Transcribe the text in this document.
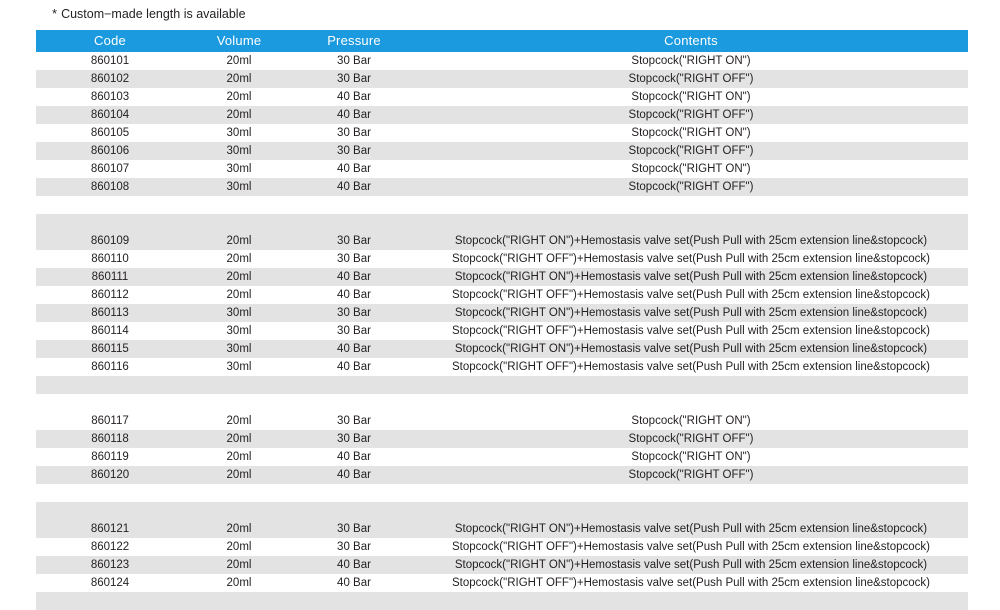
* Custom−made length is available
Code	Volume	Pressure	Contents
860101	20ml	30 Bar	Stopcock("RIGHT ON")

860102	20ml	30 Bar	Stopcock("RIGHT OFF")

860103	20ml	40 Bar	Stopcock("RIGHT ON")

860104	20ml	40 Bar	Stopcock("RIGHT OFF")

860105	30ml	30 Bar	Stopcock("RIGHT ON")

860106	30ml	30 Bar	Stopcock("RIGHT OFF")

860107	30ml	40 Bar	Stopcock("RIGHT ON")

860108	30ml	40 Bar	Stopcock("RIGHT OFF")

860109	20ml	30 Bar	Stopcock("RIGHT ON")+Hemostasis valve set(Push Pull with 25cm extension line&stopcock)

860110	20ml	30 Bar	Stopcock("RIGHT OFF")+Hemostasis valve set(Push Pull with 25cm extension line&stopcock)

860111	20ml	40 Bar	Stopcock("RIGHT ON")+Hemostasis valve set(Push Pull with 25cm extension line&stopcock)

860112	20ml	40 Bar	Stopcock("RIGHT OFF")+Hemostasis valve set(Push Pull with 25cm extension line&stopcock)

860113	30ml	30 Bar	Stopcock("RIGHT ON")+Hemostasis valve set(Push Pull with 25cm extension line&stopcock)

860114	30ml	30 Bar	Stopcock("RIGHT OFF")+Hemostasis valve set(Push Pull with 25cm extension line&stopcock)

860115	30ml	40 Bar	Stopcock("RIGHT ON")+Hemostasis valve set(Push Pull with 25cm extension line&stopcock)

860116	30ml	40 Bar	Stopcock("RIGHT OFF")+Hemostasis valve set(Push Pull with 25cm extension line&stopcock)

860117	20ml	30 Bar	Stopcock("RIGHT ON")

860118	20ml	30 Bar	Stopcock("RIGHT OFF")

860119	20ml	40 Bar	Stopcock("RIGHT ON")

860120	20ml	40 Bar	Stopcock("RIGHT OFF")

860121	20ml	30 Bar	Stopcock("RIGHT ON")+Hemostasis valve set(Push Pull with 25cm extension line&stopcock)

860122	20ml	30 Bar	Stopcock("RIGHT OFF")+Hemostasis valve set(Push Pull with 25cm extension line&stopcock)

860123	20ml	40 Bar	Stopcock("RIGHT ON")+Hemostasis valve set(Push Pull with 25cm extension line&stopcock)

860124	20ml	40 Bar	Stopcock("RIGHT OFF")+Hemostasis valve set(Push Pull with 25cm extension line&stopcock)
